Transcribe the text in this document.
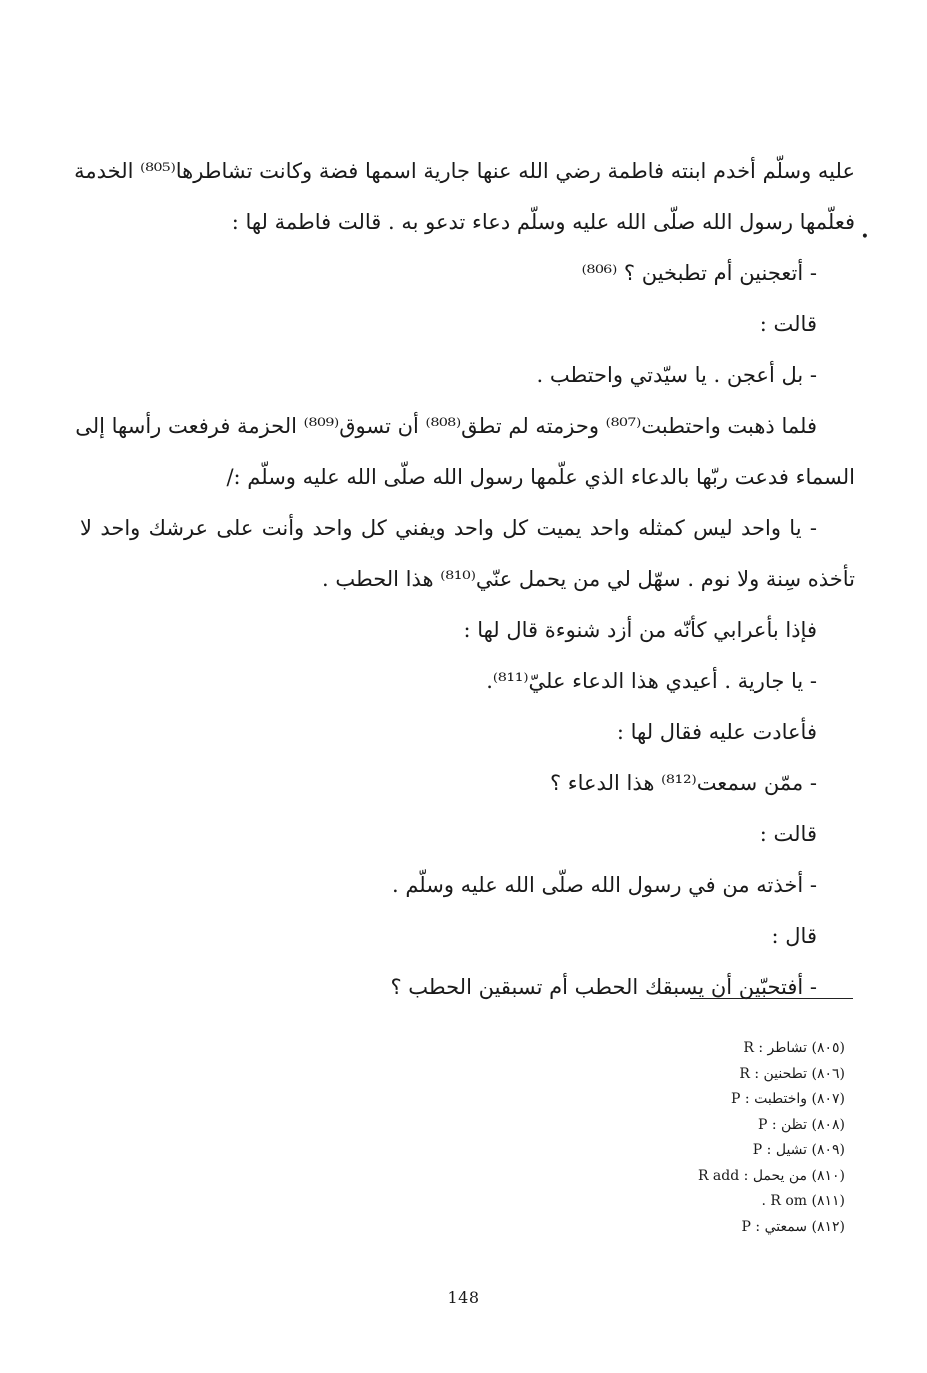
•
عليه وسلّم أخدم ابنته فاطمة رضي الله عنها جارية اسمها فضة وكانت تشاطرها⁽⁸⁰⁵⁾ الخدمة
فعلّمها رسول الله صلّى الله عليه وسلّم دعاء تدعو به . قالت فاطمة لها :
- أتعجنين أم تطبخين ؟ ⁽⁸⁰⁶⁾
قالت :
- بل أعجن . يا سيّدتي واحتطب .
فلما ذهبت واحتطبت⁽⁸⁰⁷⁾ وحزمته لم تطق⁽⁸⁰⁸⁾ أن تسوق⁽⁸⁰⁹⁾ الحزمة فرفعت رأسها إلى
السماء فدعت ربّها بالدعاء الذي علّمها رسول الله صلّى الله عليه وسلّم :/
- يا واحد ليس كمثله واحد يميت كل واحد ويفني كل واحد وأنت على عرشك واحد لا
تأخذه سِنة ولا نوم . سهّل لي من يحمل عنّي⁽⁸¹⁰⁾ هذا الحطب .
فإذا بأعرابي كأنّه من أزد شنوءة قال لها :
- يا جارية . أعيدي هذا الدعاء عليّ⁽⁸¹¹⁾.
فأعادت عليه فقال لها :
- ممّن سمعت⁽⁸¹²⁾ هذا الدعاء ؟
قالت :
- أخذته من في رسول الله صلّى الله عليه وسلّم .
قال :
- أفتحبّين أن يسبقك الحطب أم تسبقين الحطب ؟
(٨٠٥) تشاطر : R
(٨٠٦) تطحنين : R
(٨٠٧) واختطبت : P
(٨٠٨) تظن : P
(٨٠٩) تشيل : P
(٨١٠) من يحمل : R add
(٨١١) R om .
(٨١٢) سمعتي : P
148
